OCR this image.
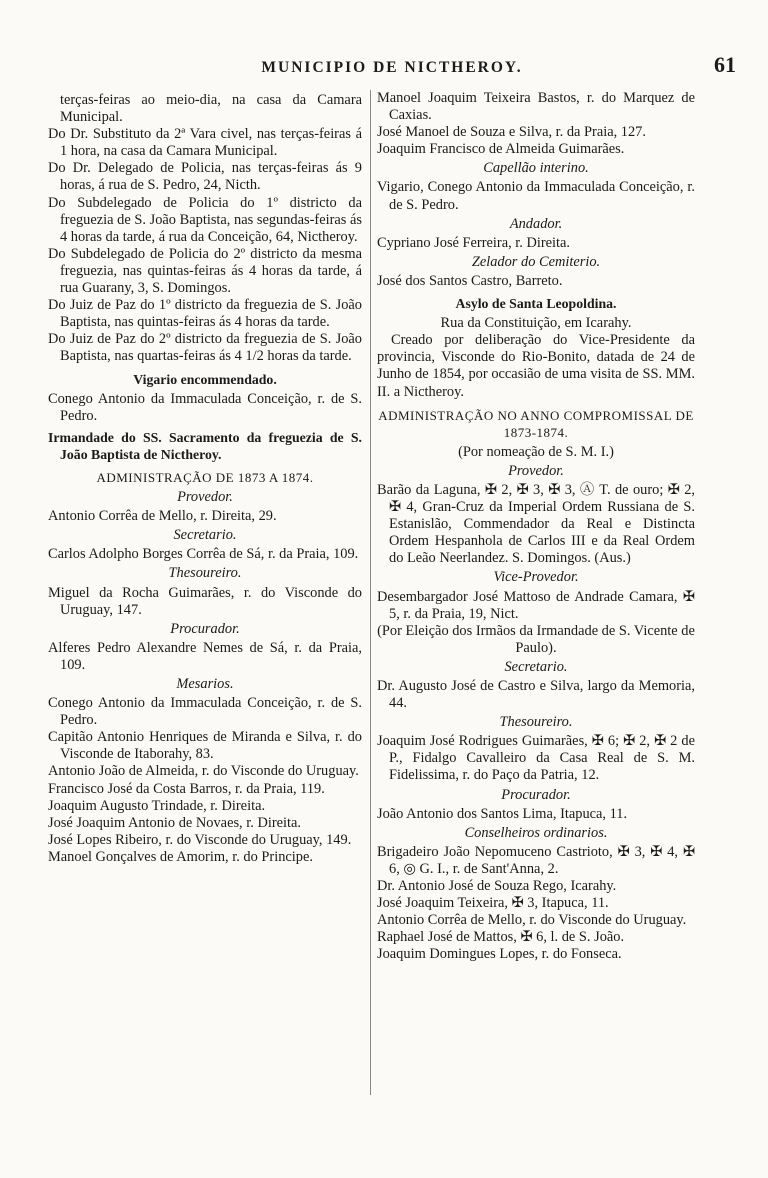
MUNICIPIO DE NICTHEROY.	61

terças-feiras ao meio-dia, na casa da Camara Municipal.

Do Dr. Substituto da 2ª Vara civel, nas terças-feiras á 1 hora, na casa da Camara Municipal.

Do Dr. Delegado de Policia, nas terças-feiras ás 9 horas, á rua de S. Pedro, 24, Nicth.

Do Subdelegado de Policia do 1º districto da freguezia de S. João Baptista, nas segundas-feiras ás 4 horas da tarde, á rua da Conceição, 64, Nictheroy.

Do Subdelegado de Policia do 2º districto da mesma freguezia, nas quintas-feiras ás 4 horas da tarde, á rua Guarany, 3, S. Domingos.

Do Juiz de Paz do 1º districto da freguezia de S. João Baptista, nas quintas-feiras ás 4 horas da tarde.

Do Juiz de Paz do 2º districto da freguezia de S. João Baptista, nas quartas-feiras ás 4 1/2 horas da tarde.

Vigario encommendado.

Conego Antonio da Immaculada Conceição, r. de S. Pedro.

Irmandade do SS. Sacramento da freguezia de S. João Baptista de Nictheroy.

ADMINISTRAÇÃO DE 1873 A 1874.

Provedor.

Antonio Corrêa de Mello, r. Direita, 29.

Secretario.

Carlos Adolpho Borges Corrêa de Sá, r. da Praia, 109.

Thesoureiro.

Miguel da Rocha Guimarães, r. do Visconde do Uruguay, 147.

Procurador.

Alferes Pedro Alexandre Nemes de Sá, r. da Praia, 109.

Mesarios.

Conego Antonio da Immaculada Conceição, r. de S. Pedro.

Capitão Antonio Henriques de Miranda e Silva, r. do Visconde de Itaborahy, 83.

Antonio João de Almeida, r. do Visconde do Uruguay.

Francisco José da Costa Barros, r. da Praia, 119.

Joaquim Augusto Trindade, r. Direita.

José Joaquim Antonio de Novaes, r. Direita.

José Lopes Ribeiro, r. do Visconde do Uruguay, 149.

Manoel Gonçalves de Amorim, r. do Principe.

Manoel Joaquim Teixeira Bastos, r. do Marquez de Caxias.

José Manoel de Souza e Silva, r. da Praia, 127.

Joaquim Francisco de Almeida Guimarães.

Capellão interino.

Vigario, Conego Antonio da Immaculada Conceição, r. de S. Pedro.

Andador.

Cypriano José Ferreira, r. Direita.

Zelador do Cemiterio.

José dos Santos Castro, Barreto.

Asylo de Santa Leopoldina.

Rua da Constituição, em Icarahy.

Creado por deliberação do Vice-Presidente da provincia, Visconde do Rio-Bonito, datada de 24 de Junho de 1854, por occasião de uma visita de SS. MM. II. a Nictheroy.

ADMINISTRAÇÃO NO ANNO COMPROMISSAL DE 1873-1874.

(Por nomeação de S. M. I.)

Provedor.

Barão da Laguna, ✠ 2, ✠ 3, ✠ 3, Ⓐ T. de ouro; ✠ 2, ✠ 4, Gran-Cruz da Imperial Ordem Russiana de S. Estanislão, Commendador da Real e Distincta Ordem Hespanhola de Carlos III e da Real Ordem do Leão Neerlandez. S. Domingos. (Aus.)

Vice-Provedor.

Desembargador José Mattoso de Andrade Camara, ✠ 5, r. da Praia, 19, Nict.

(Por Eleição dos Irmãos da Irmandade de S. Vicente de Paulo).

Secretario.

Dr. Augusto José de Castro e Silva, largo da Memoria, 44.

Thesoureiro.

Joaquim José Rodrigues Guimarães, ✠ 6; ✠ 2, ✠ 2 de P., Fidalgo Cavalleiro da Casa Real de S. M. Fidelissima, r. do Paço da Patria, 12.

Procurador.

João Antonio dos Santos Lima, Itapuca, 11.

Conselheiros ordinarios.

Brigadeiro João Nepomuceno Castrioto, ✠ 3, ✠ 4, ✠ 6, ◎ G. I., r. de Sant'Anna, 2.

Dr. Antonio José de Souza Rego, Icarahy.

José Joaquim Teixeira, ✠ 3, Itapuca, 11.

Antonio Corrêa de Mello, r. do Visconde do Uruguay.

Raphael José de Mattos, ✠ 6, l. de S. João.

Joaquim Domingues Lopes, r. do Fonseca.
